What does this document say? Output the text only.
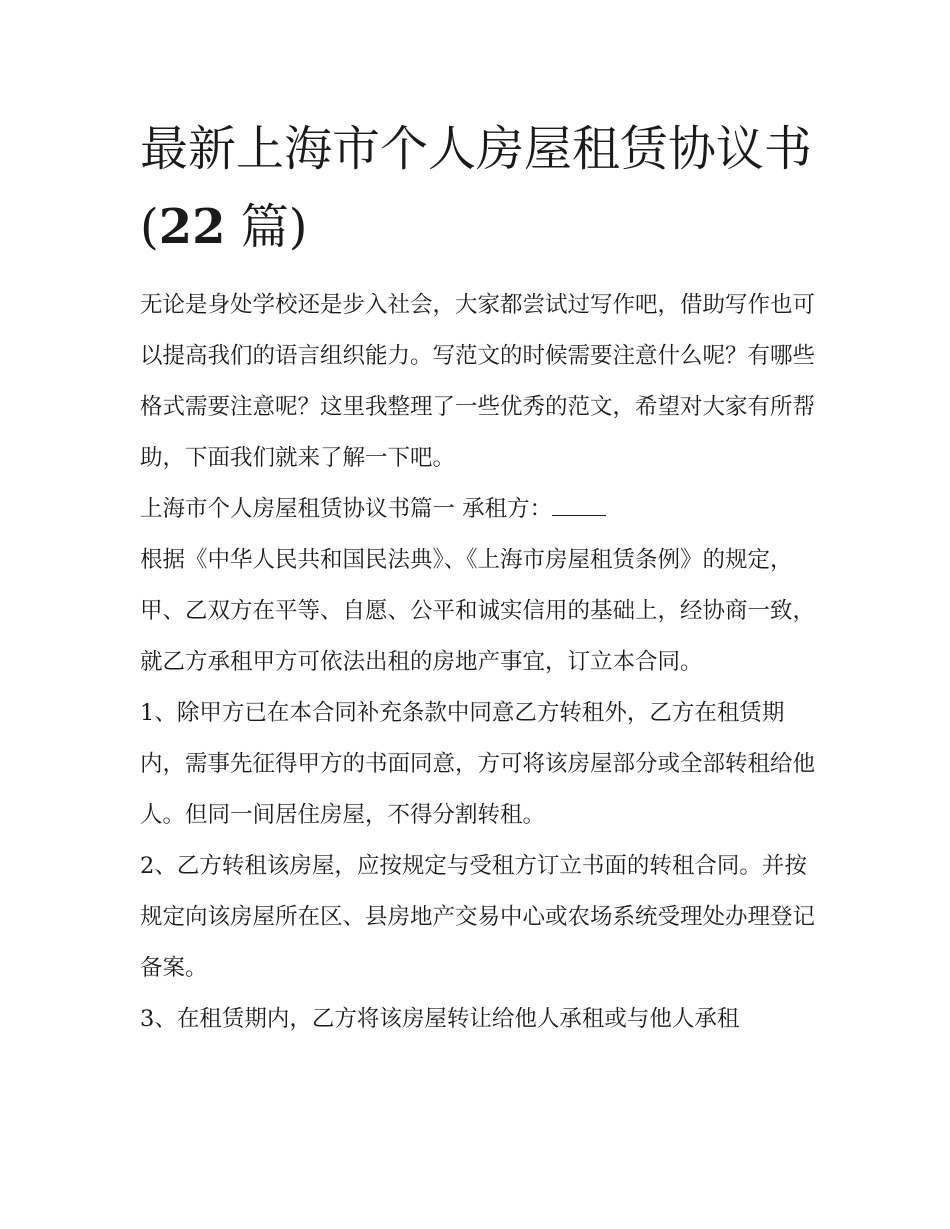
最新上海市个人房屋租赁协议书(22 篇)

无论是身处学校还是步入社会，大家都尝试过写作吧，借助写作也可以提高我们的语言组织能力。写范文的时候需要注意什么呢？有哪些格式需要注意呢？这里我整理了一些优秀的范文，希望对大家有所帮助，下面我们就来了解一下吧。

上海市个人房屋租赁协议书篇一 承租方：

根据《中华人民共和国民法典》、《上海市房屋租赁条例》的规定，甲、乙双方在平等、自愿、公平和诚实信用的基础上，经协商一致，就乙方承租甲方可依法出租的房地产事宜，订立本合同。

1、除甲方已在本合同补充条款中同意乙方转租外，乙方在租赁期内，需事先征得甲方的书面同意，方可将该房屋部分或全部转租给他人。但同一间居住房屋，不得分割转租。

2、乙方转租该房屋，应按规定与受租方订立书面的转租合同。并按规定向该房屋所在区、县房地产交易中心或农场系统受理处办理登记备案。

3、在租赁期内，乙方将该房屋转让给他人承租或与他人承租
